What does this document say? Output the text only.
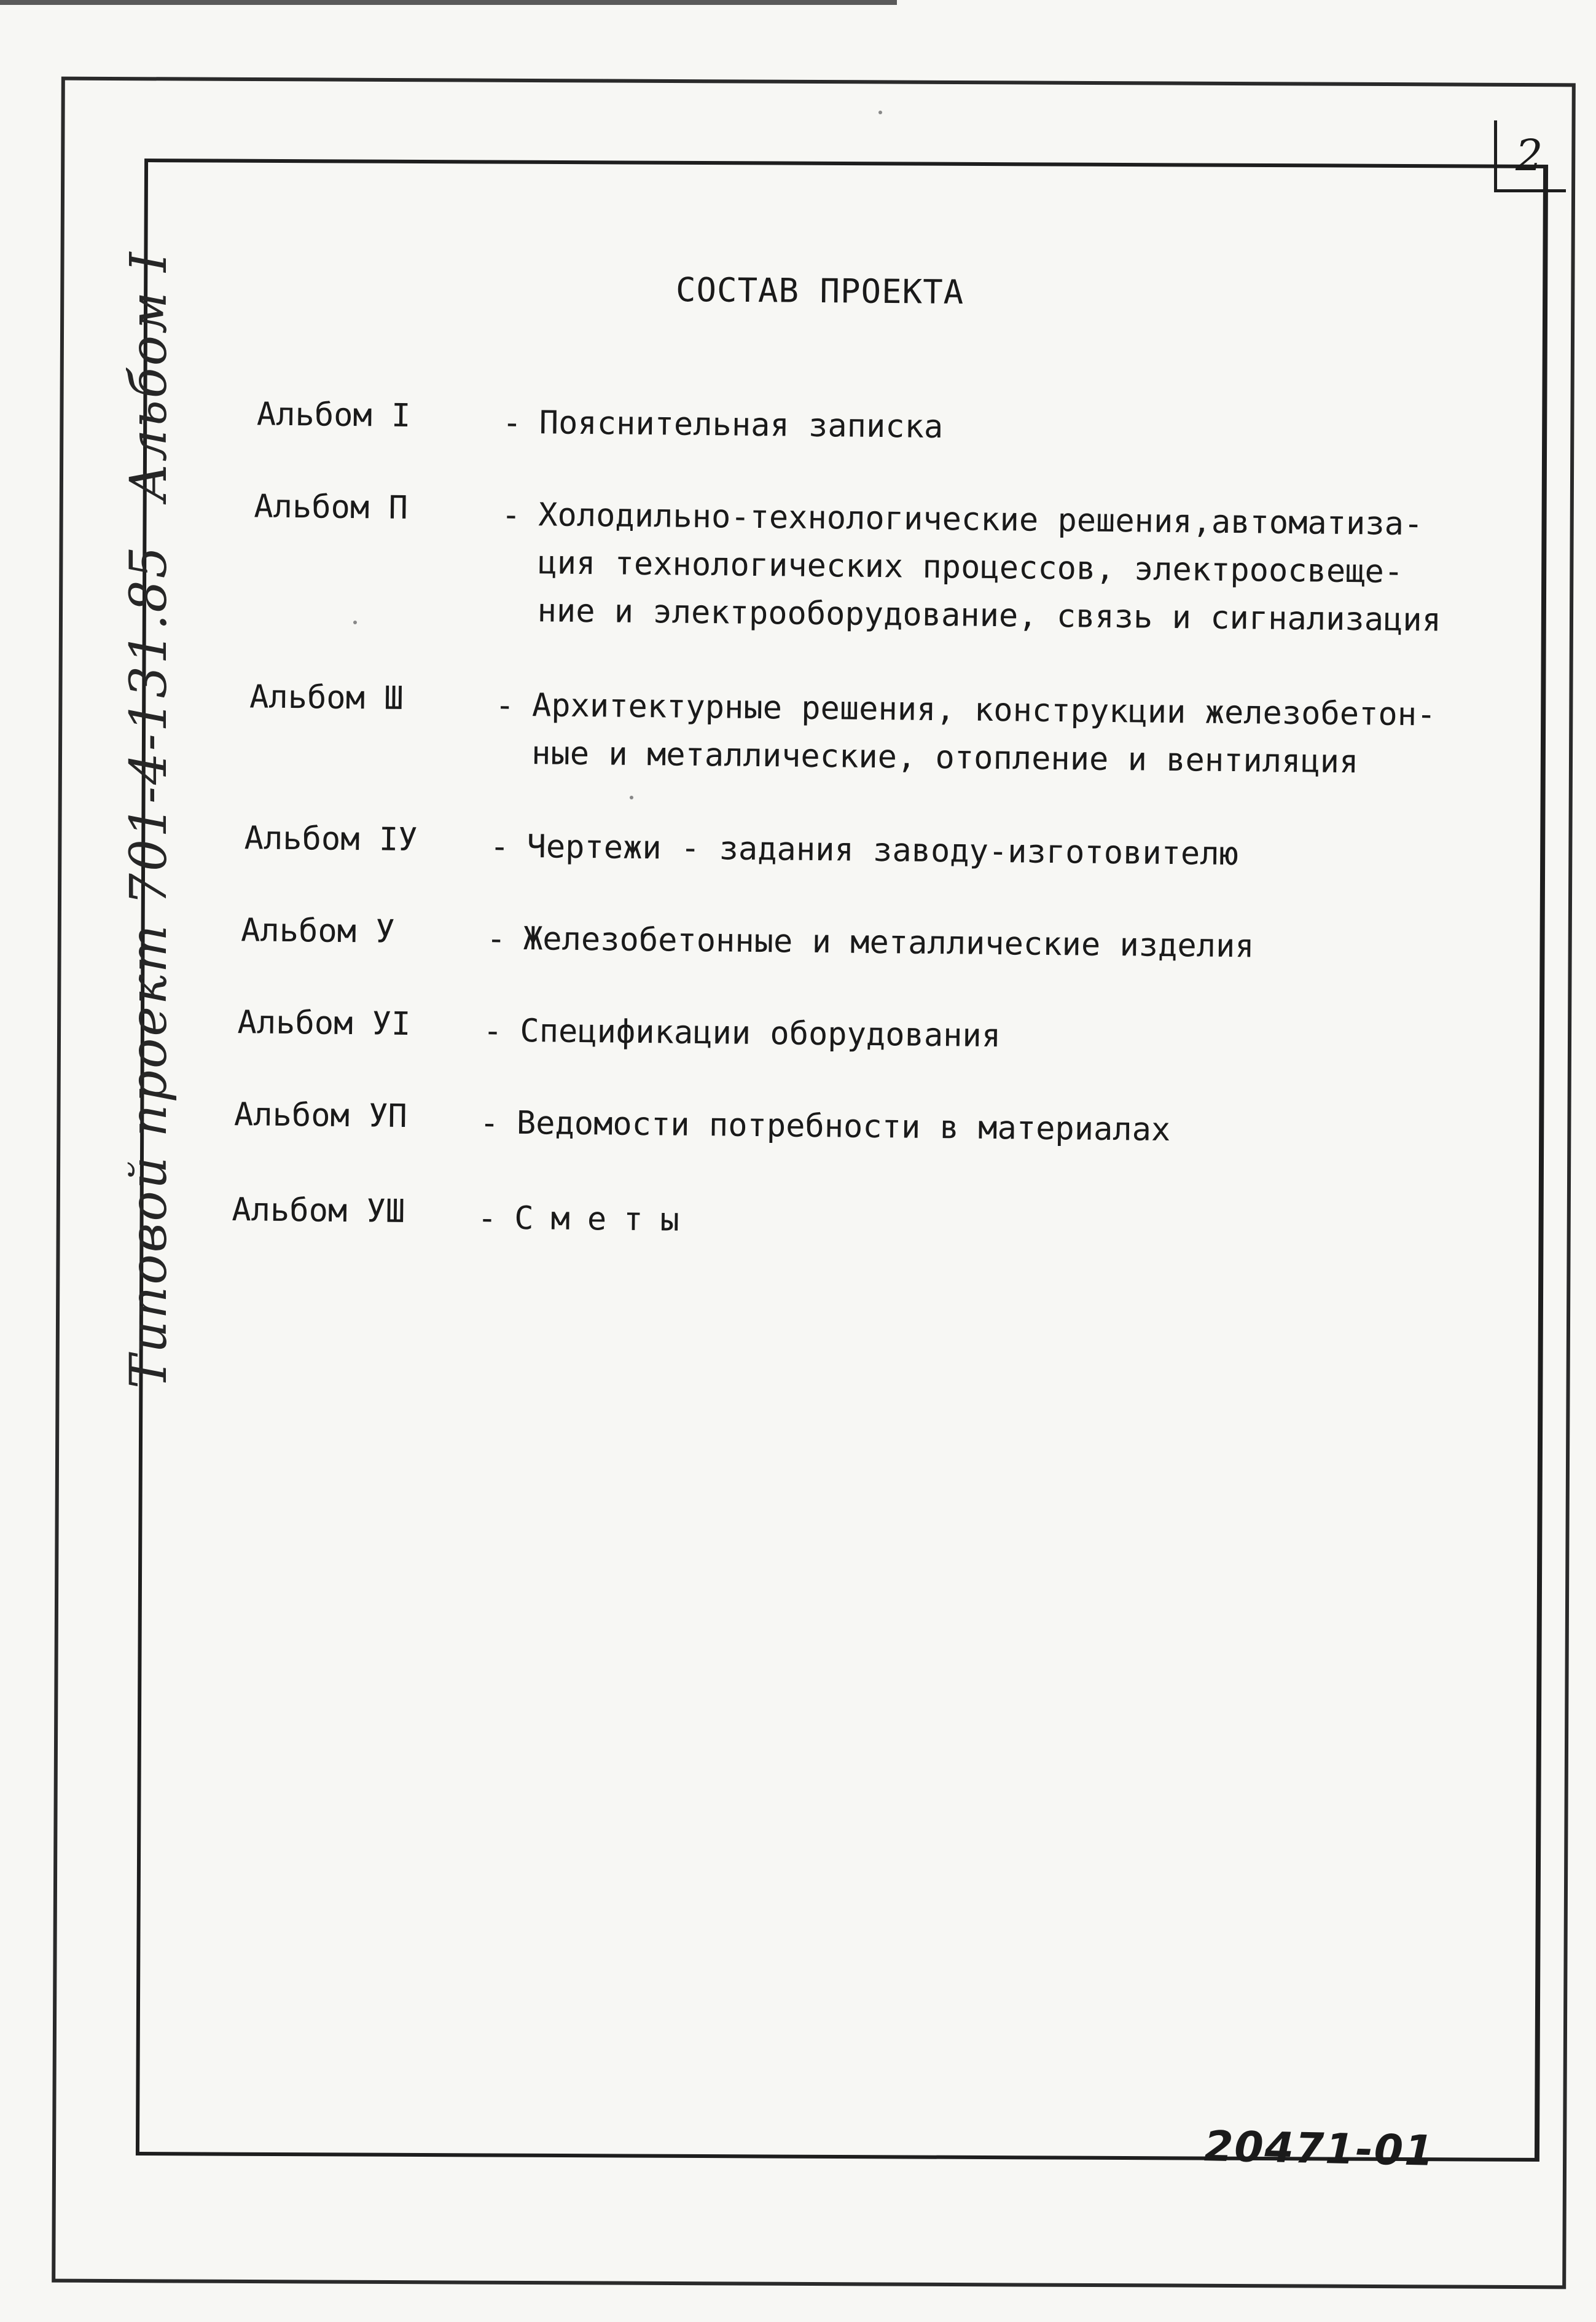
2
Типовой проект 701-4-131.85Альбом I	СОСТАВ ПРОЕКТА
Альбом I	- Пояснительная записка
Альбом П	- Холодильно-технологические решения,автоматиза-
ция технологических процессов, электроосвеще-
ние и электрооборудование, связь и сигнализация
Альбом Ш	- Архитектурные решения, конструкции железобетон-
ные и металлические, отопление и вентиляция
Альбом IУ - Чертежи - задания заводу-изготовителю
Альбом У	- Железобетонные и металлические изделия
Альбом УI - Спецификации оборудования
Альбом УП - Ведомости потребности в материалах
Альбом УШ - Сметы
20471-01
